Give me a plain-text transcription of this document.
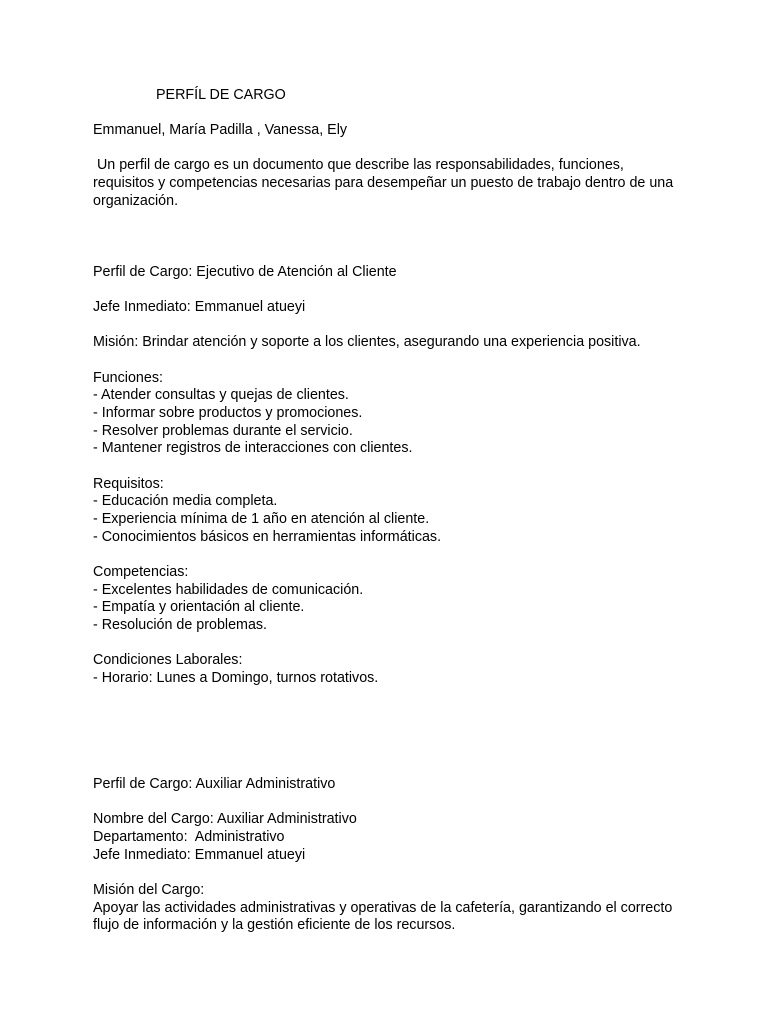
PERFÍL DE CARGO
Emmanuel, María Padilla , Vanessa, Ely
Un perfil de cargo es un documento que describe las responsabilidades, funciones,
requisitos y competencias necesarias para desempeñar un puesto de trabajo dentro de una
organización.
Perfil de Cargo: Ejecutivo de Atención al Cliente
Jefe Inmediato: Emmanuel atueyi
Misión: Brindar atención y soporte a los clientes, asegurando una experiencia positiva.
Funciones:
- Atender consultas y quejas de clientes.
- Informar sobre productos y promociones.
- Resolver problemas durante el servicio.
- Mantener registros de interacciones con clientes.
Requisitos:
- Educación media completa.
- Experiencia mínima de 1 año en atención al cliente.
- Conocimientos básicos en herramientas informáticas.
Competencias:
- Excelentes habilidades de comunicación.
- Empatía y orientación al cliente.
- Resolución de problemas.
Condiciones Laborales:
- Horario: Lunes a Domingo, turnos rotativos.
Perfil de Cargo: Auxiliar Administrativo
Nombre del Cargo: Auxiliar Administrativo
Departamento:  Administrativo
Jefe Inmediato: Emmanuel atueyi
Misión del Cargo:
Apoyar las actividades administrativas y operativas de la cafetería, garantizando el correcto
flujo de información y la gestión eficiente de los recursos.
